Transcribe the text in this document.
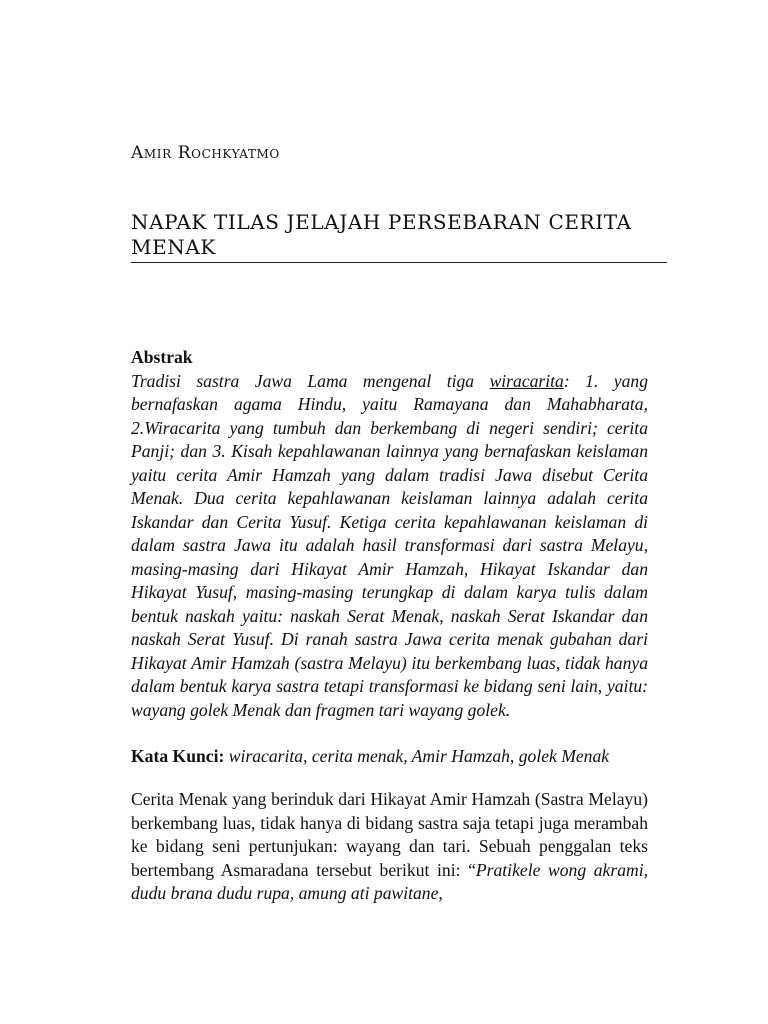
Amir Rochkyatmo
NAPAK TILAS JELAJAH PERSEBARAN CERITA MENAK
Abstrak
Tradisi sastra Jawa Lama mengenal tiga wiracarita: 1. yang bernafaskan agama Hindu, yaitu Ramayana dan Mahabharata, 2.Wiracarita yang tumbuh dan berkembang di negeri sendiri; cerita Panji; dan 3. Kisah kepahlawanan lainnya yang bernafaskan keislaman yaitu cerita Amir Hamzah yang dalam tradisi Jawa disebut Cerita Menak. Dua cerita kepahlawanan keislaman lainnya adalah cerita Iskandar dan Cerita Yusuf. Ketiga cerita kepahlawanan keislaman di dalam sastra Jawa itu adalah hasil transformasi dari sastra Melayu, masing-masing dari Hikayat Amir Hamzah, Hikayat Iskandar dan Hikayat Yusuf, masing-masing terungkap di dalam karya tulis dalam bentuk naskah yaitu: naskah Serat Menak, naskah Serat Iskandar dan naskah Serat Yusuf. Di ranah sastra Jawa cerita menak gubahan dari Hikayat Amir Hamzah (sastra Melayu) itu berkembang luas, tidak hanya dalam bentuk karya sastra tetapi transformasi ke bidang seni lain, yaitu: wayang golek Menak dan fragmen tari wayang golek.
Kata Kunci: wiracarita, cerita menak, Amir Hamzah, golek Menak
Cerita Menak yang berinduk dari Hikayat Amir Hamzah (Sastra Melayu) berkembang luas, tidak hanya di bidang sastra saja tetapi juga merambah ke bidang seni pertunjukan: wayang dan tari. Sebuah penggalan teks bertembang Asmaradana tersebut berikut ini: “Pratikele wong akrami, dudu brana dudu rupa, amung ati pawitane,
